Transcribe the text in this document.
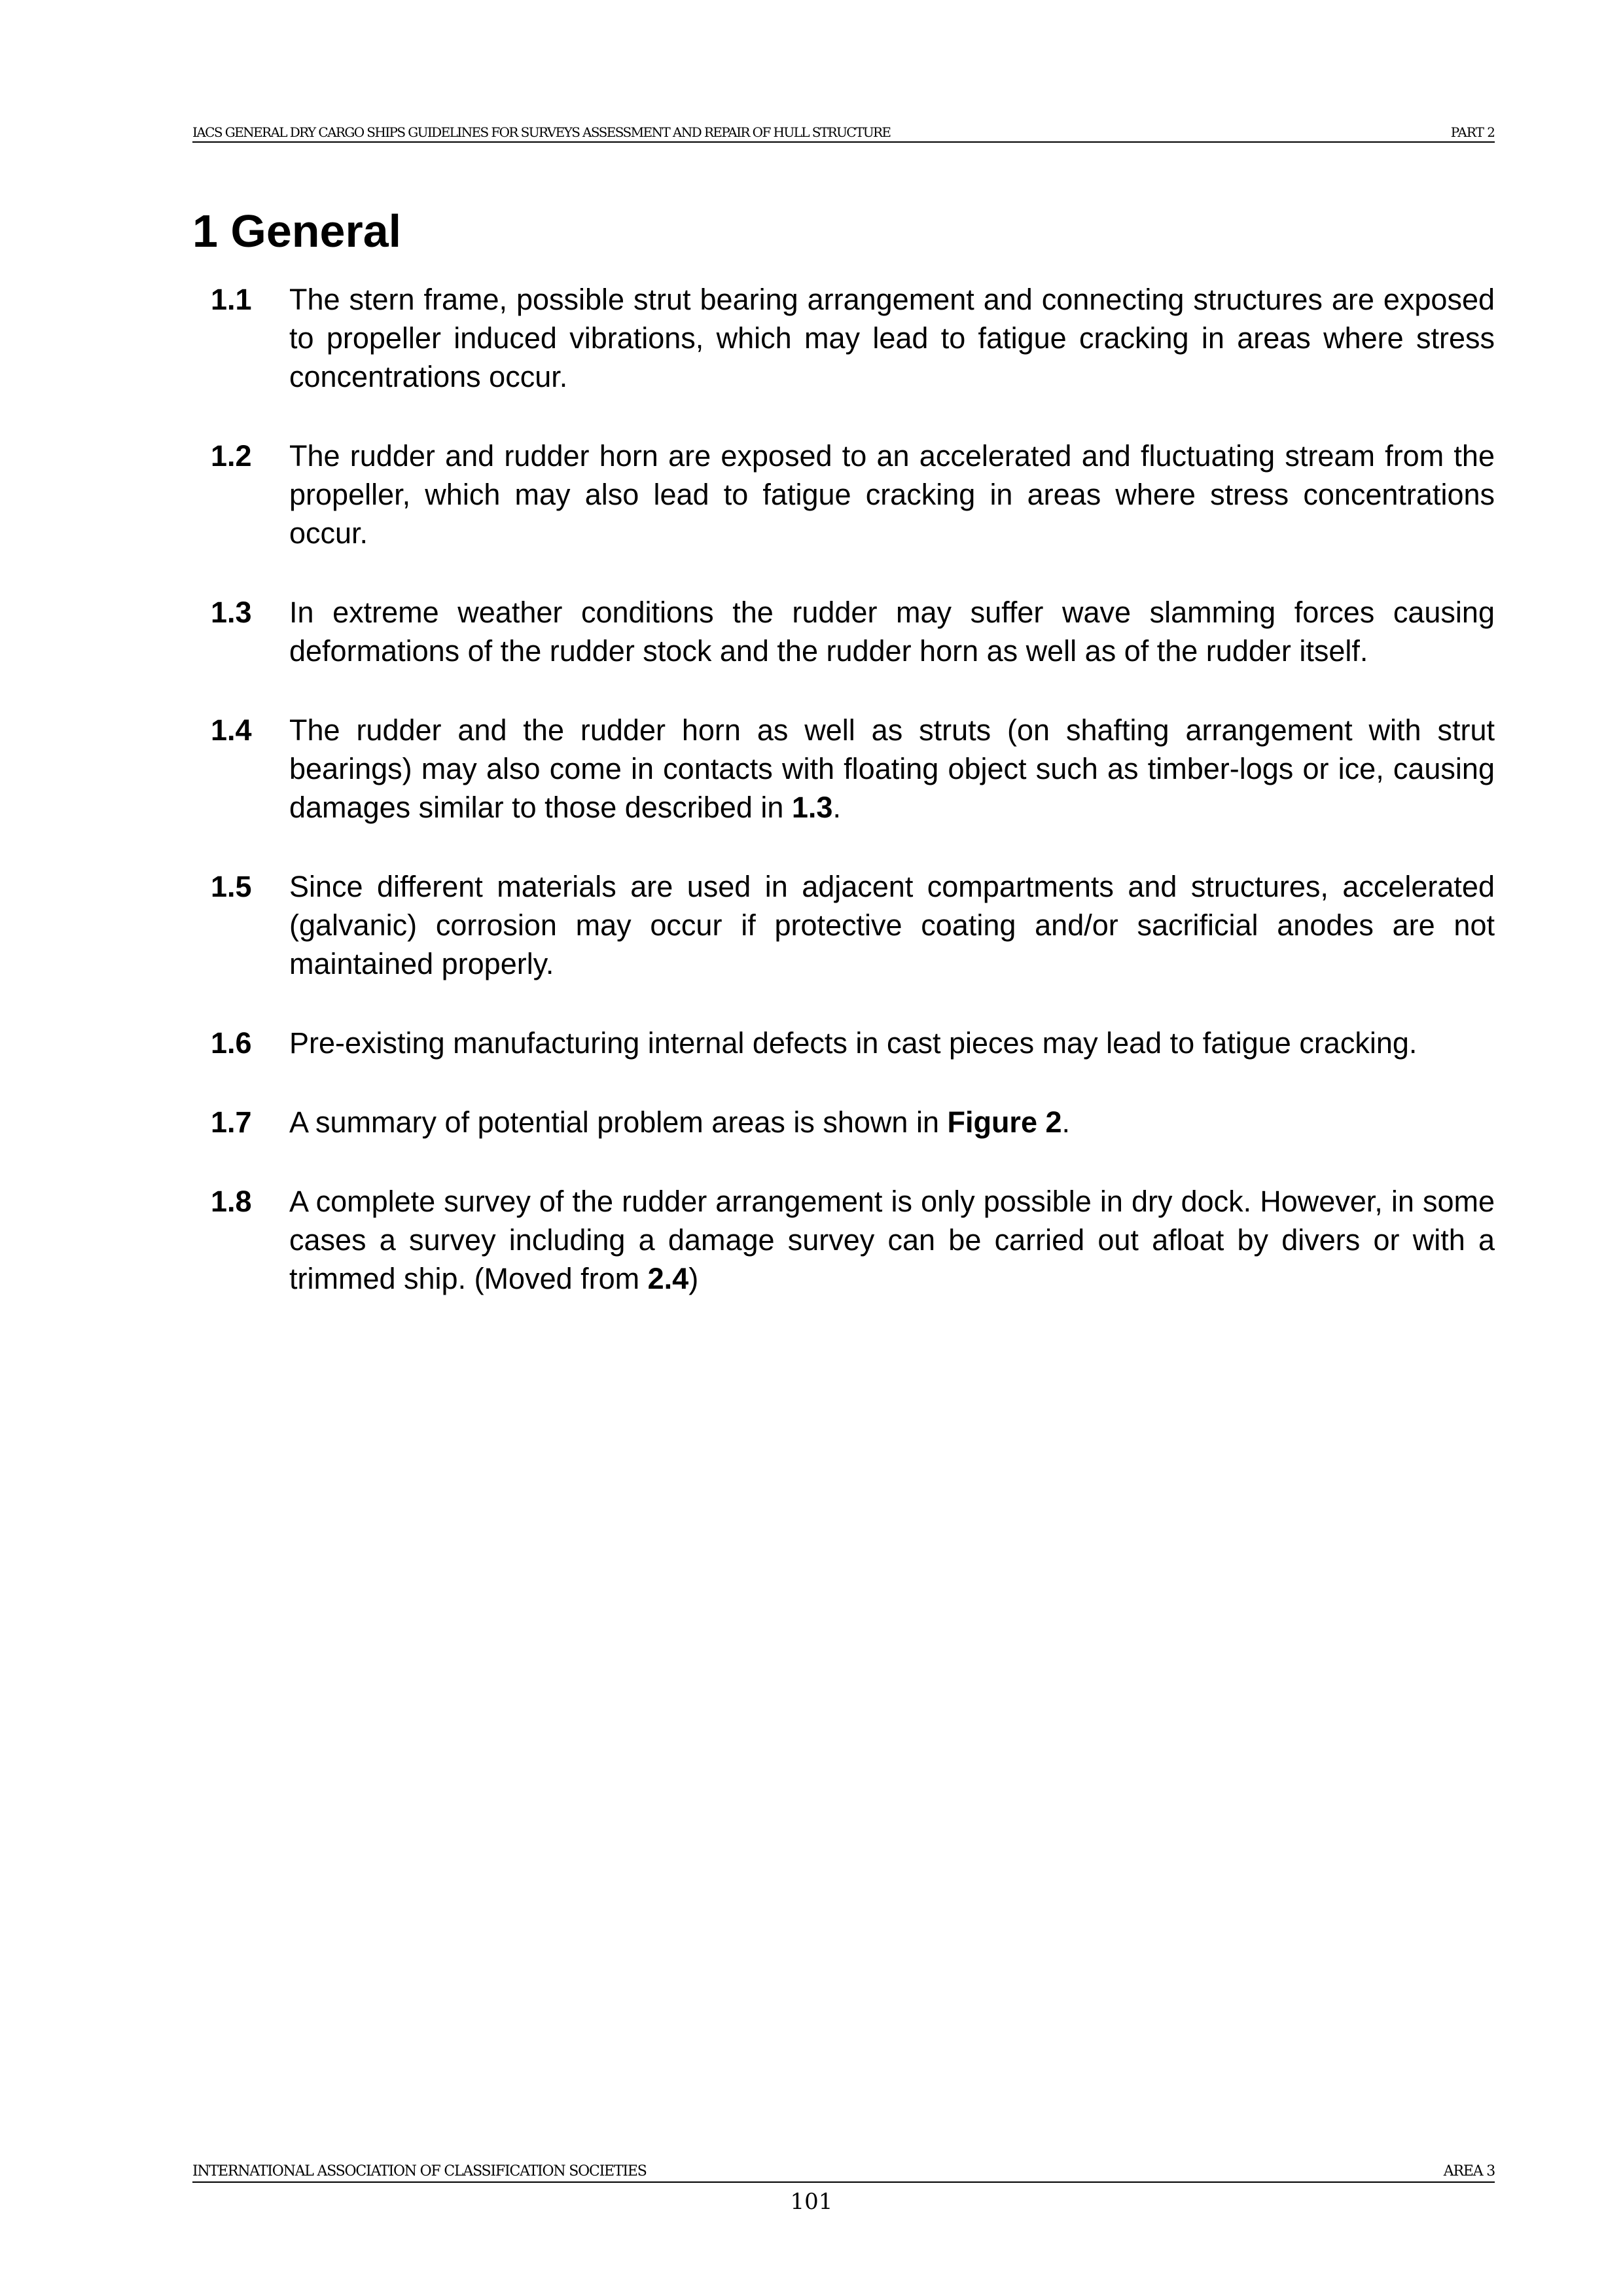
IACS GENERAL DRY CARGO SHIPS GUIDELINES FOR SURVEYS ASSESSMENT AND REPAIR OF HULL STRUCTURE	PART 2
1 General
1.1	The stern frame, possible strut bearing arrangement and connecting structures are exposed to propeller induced vibrations, which may lead to fatigue cracking in areas where stress concentrations occur.
1.2	The rudder and rudder horn are exposed to an accelerated and fluctuating stream from the propeller, which may also lead to fatigue cracking in areas where stress concentrations occur.
1.3	In extreme weather conditions the rudder may suffer wave slamming forces causing deformations of the rudder stock and the rudder horn as well as of the rudder itself.
1.4	The rudder and the rudder horn as well as struts (on shafting arrangement with strut bearings) may also come in contacts with floating object such as timber-logs or ice, causing damages similar to those described in 1.3.
1.5	Since different materials are used in adjacent compartments and structures, accelerated (galvanic) corrosion may occur if protective coating and/or sacrificial anodes are not maintained properly.
1.6	Pre-existing manufacturing internal defects in cast pieces may lead to fatigue cracking.
1.7	A summary of potential problem areas is shown in Figure 2.
1.8	A complete survey of the rudder arrangement is only possible in dry dock. However, in some cases a survey including a damage survey can be carried out afloat by divers or with a trimmed ship. (Moved from 2.4)
INTERNATIONAL ASSOCIATION OF CLASSIFICATION SOCIETIES	AREA 3
101
